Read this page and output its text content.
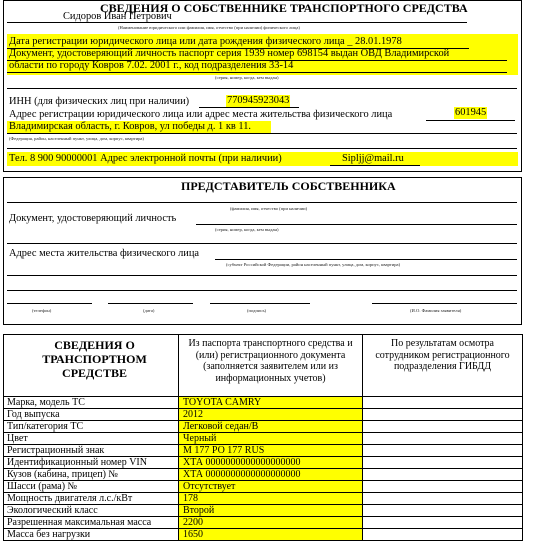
СВЕДЕНИЯ О СОБСТВЕННИКЕ ТРАНСПОРТНОГО СРЕДСТВА
Сидоров Иван Петрович
(Наименование юридического или фамилия, имя, отчество (при наличии) физического лица)
Дата регистрации юридического лица или дата рождения физического лица _ 28.01.1978
Документ, удостоверяющий личность паспорт серия 1939 номер 698154 выдан ОВД Владимирской
области по городу Ковров 7.02. 2001 г., код подразделения 33-14
(серия, номер, когда, кем выдан)
ИНН (для физических лиц при наличии)	770945923043
Адрес регистрации юридического лица или адрес места жительства физического лица	601945
Владимирская область, г. Ковров, ул победы д. 1 кв 11.
(Федерация, район, населенный пункт, улица, дом, корпус, квартира)
Тел. 8 900 90000001 Адрес электронной почты (при наличии)	Sipljj@mail.ru
ПРЕДСТАВИТЕЛЬ СОБСТВЕННИКА
(фамилия, имя, отчество (при наличии)
Документ, удостоверяющий личность
(серия, номер, когда, кем выдан)
Адрес места жительства физического лица
(субъект Российской Федерации, район населенный пункт, улица, дом, корпус, квартира)
(телефон)	(дата)	(подпись)	(И.О. Фамилия заявителя)
СВЕДЕНИЯ О ТРАНСПОРТНОМ СРЕДСТВЕ	Из паспорта транспортного средства и (или) регистрационного документа (заполняется заявителем или из информационных учетов)	По результатам осмотра сотрудником регистрационного подразделения ГИБДД
Марка, модель ТС	TOYOTA CAMRY	
Год выпуска	2012	
Тип/категория ТС	Легковой седан/В	
Цвет	Черный	
Регистрационный знак	М 177 РО 177 RUS	
Идентификационный номер VIN	ХТА 0000000000000000000	
Кузов (кабина, прицеп) №	ХТА 0000000000000000000	
Шасси (рама) №	Отсутствует	
Мощность двигателя л.с./кВт	178	
Экологический класс	Второй	
Разрешенная максимальная масса	2200	
Масса без нагрузки	1650	
